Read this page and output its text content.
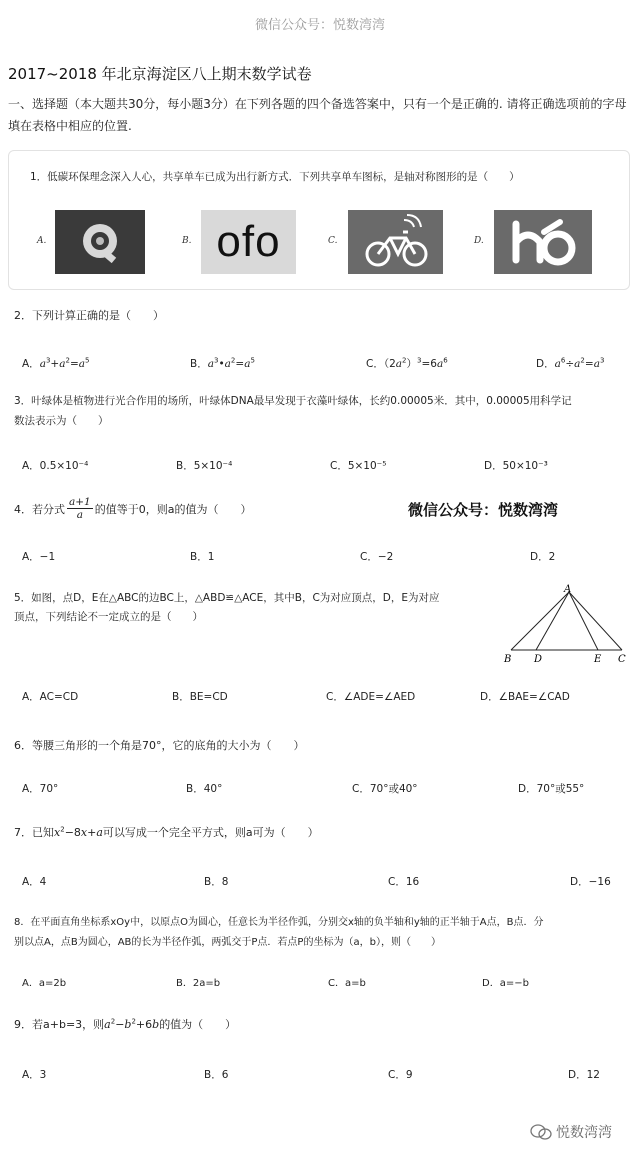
微信公众号：悦数湾湾
2017~2018 年北京海淀区八上期末数学试卷
一、选择题（本大题共30分，每小题3分）在下列各题的四个备选答案中，只有一个是正确的. 请将正确选项前的字母填在表格中相应的位置.
1．低碳环保理念深入人心，共享单车已成为出行新方式．下列共享单车图标，是轴对称图形的是（　　）
A.	B. ofo	C.	D.
2．下列计算正确的是（　　）
A．$a^3+a^2=a^5$	B．$a^3•a^2=a^5$	C．$(2a^2)^3=6a^6$	D．$a^6\div a^2=a^3$
3．叶绿体是植物进行光合作用的场所，叶绿体DNA最早发现于衣藻叶绿体，长约0.00005米．其中，0.00005用科学记
数法表示为（　　）
A．0.5×10⁻⁴	B．5×10⁻⁴	C．5×10⁻⁵	D．50×10⁻³
4．若分式
a+1
a 的值等于0，则a的值为（　　）	微信公众号：悦数湾湾
A．−1	B．1	C．−2	D．2
5．如图，点D，E在△ABC的边BC上，△ABD≌△ACE，其中B，C为对应顶点，D，E为对应
顶点，下列结论不一定成立的是（　　）
A
B D	E C
A．AC=CD	B．BE=CD	C．∠ADE=∠AED	D．∠BAE=∠CAD
6．等腰三角形的一个角是70°，它的底角的大小为（　　）
A．70°	B．40°	C．70°或40°	D．70°或55°
7．已知$x^2-8x+a$可以写成一个完全平方式，则a可为（　　）
A．4	B．8	C．16	D．−16
8．在平面直角坐标系xOy中，以原点O为圆心，任意长为半径作弧，分别交x轴的负半轴和y轴的正半轴于A点，B点．分
别以点A，点B为圆心，AB的长为半径作弧，两弧交于P点．若点P的坐标为（a，b），则（　　）
A．a=2b	B．2a=b	C．a=b	D．a=−b
9．若a+b=3，则$a^2-b^2+6b$的值为（　　）
A．3	B．6	C．9	D．12
悦数湾湾
